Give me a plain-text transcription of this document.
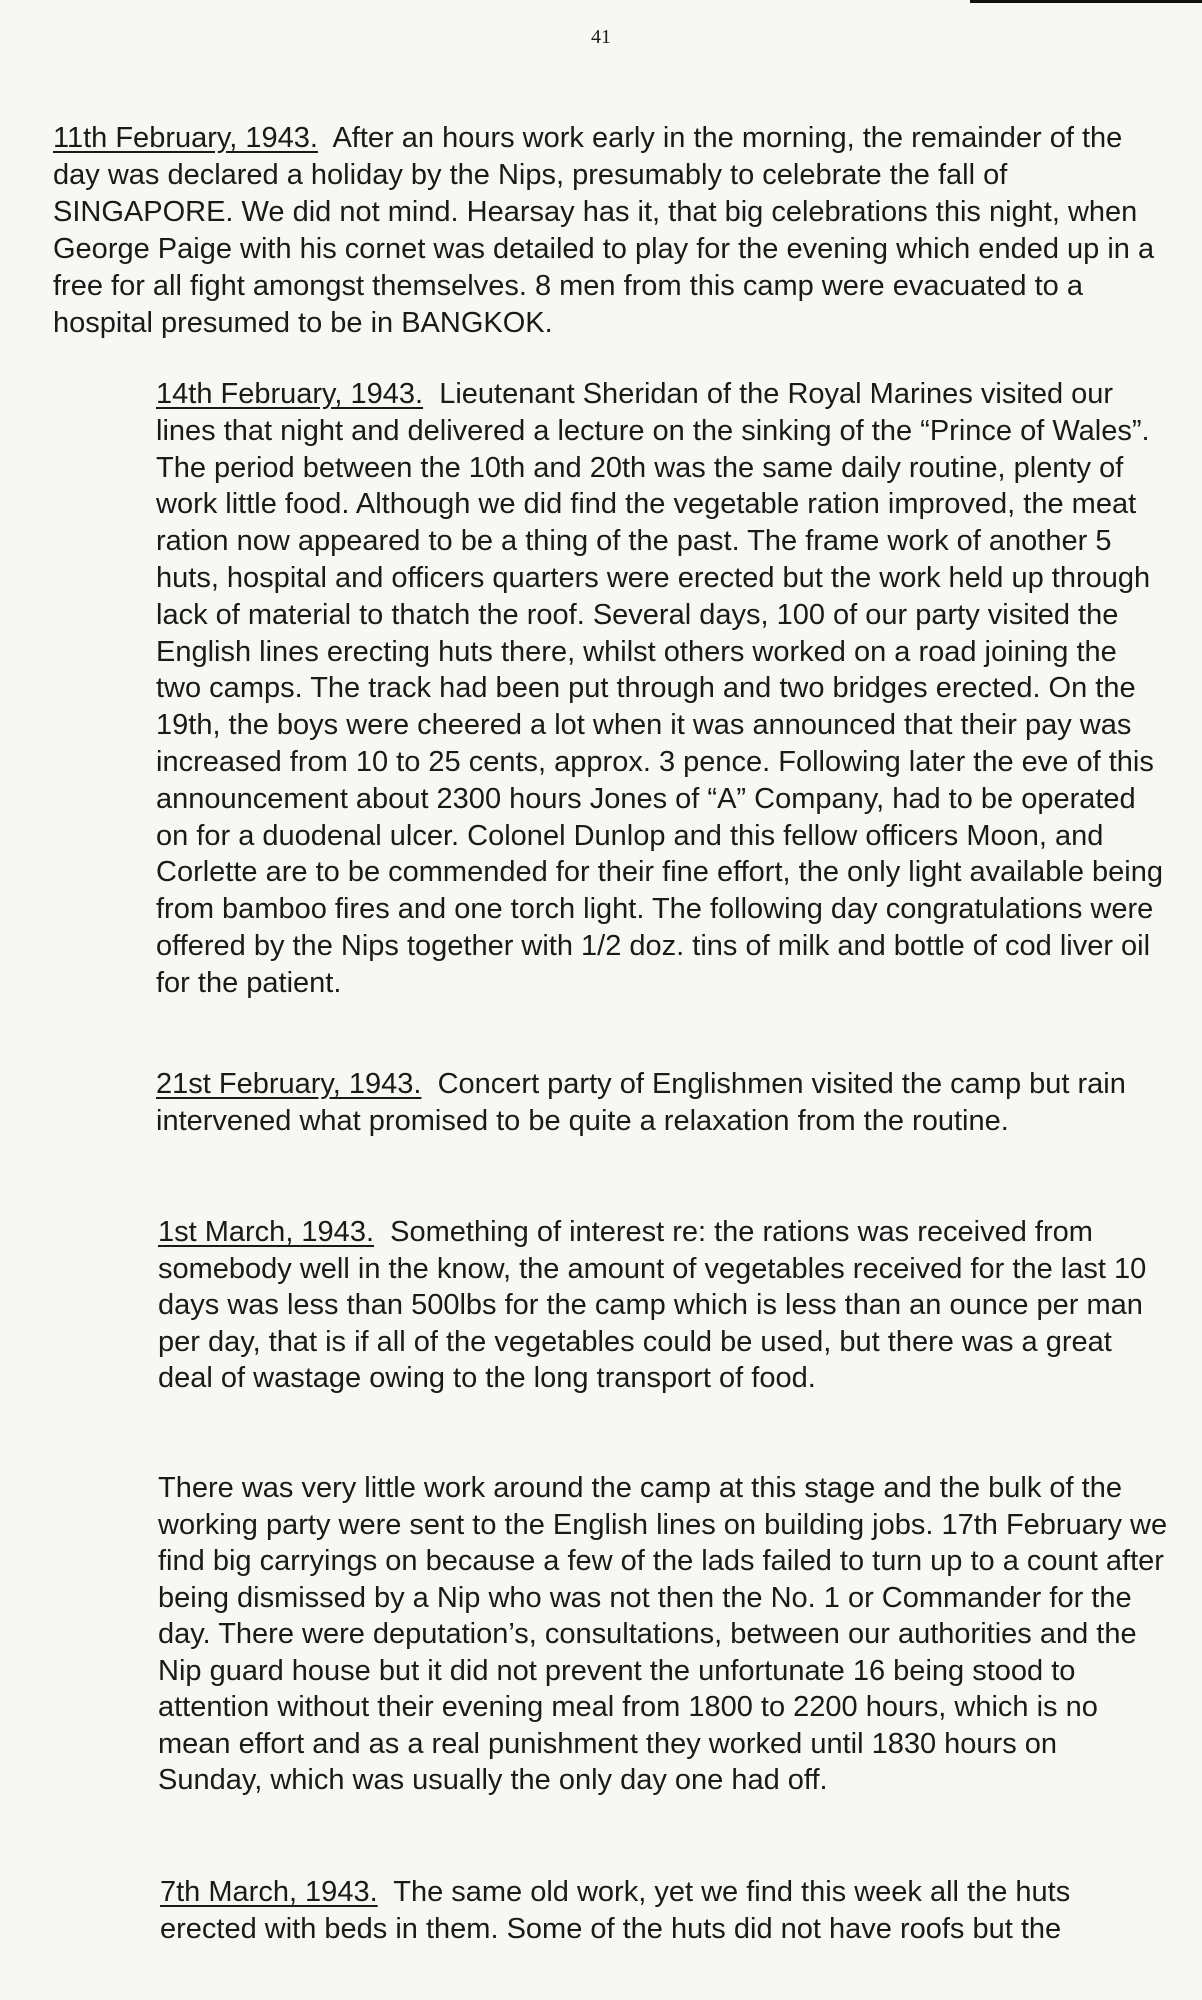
41

11th February, 1943. After an hours work early in the morning, the remainder of the day was declared a holiday by the Nips, presumably to celebrate the fall of SINGAPORE. We did not mind. Hearsay has it, that big celebrations this night, when George Paige with his cornet was detailed to play for the evening which ended up in a free for all fight amongst themselves. 8 men from this camp were evacuated to a hospital presumed to be in BANGKOK.

14th February, 1943. Lieutenant Sheridan of the Royal Marines visited our lines that night and delivered a lecture on the sinking of the “Prince of Wales”. The period between the 10th and 20th was the same daily routine, plenty of work little food. Although we did find the vegetable ration improved, the meat ration now appeared to be a thing of the past. The frame work of another 5 huts, hospital and officers quarters were erected but the work held up through lack of material to thatch the roof. Several days, 100 of our party visited the English lines erecting huts there, whilst others worked on a road joining the two camps. The track had been put through and two bridges erected. On the 19th, the boys were cheered a lot when it was announced that their pay was increased from 10 to 25 cents, approx. 3 pence. Following later the eve of this announcement about 2300 hours Jones of “A” Company, had to be operated on for a duodenal ulcer. Colonel Dunlop and this fellow officers Moon, and Corlette are to be commended for their fine effort, the only light available being from bamboo fires and one torch light. The following day congratulations were offered by the Nips together with 1/2 doz. tins of milk and bottle of cod liver oil for the patient.

21st February, 1943. Concert party of Englishmen visited the camp but rain intervened what promised to be quite a relaxation from the routine.

1st March, 1943. Something of interest re: the rations was received from somebody well in the know, the amount of vegetables received for the last 10 days was less than 500lbs for the camp which is less than an ounce per man per day, that is if all of the vegetables could be used, but there was a great deal of wastage owing to the long transport of food.

There was very little work around the camp at this stage and the bulk of the working party were sent to the English lines on building jobs. 17th February we find big carryings on because a few of the lads failed to turn up to a count after being dismissed by a Nip who was not then the No. 1 or Commander for the day. There were deputation’s, consultations, between our authorities and the Nip guard house but it did not prevent the unfortunate 16 being stood to attention without their evening meal from 1800 to 2200 hours, which is no mean effort and as a real punishment they worked until 1830 hours on Sunday, which was usually the only day one had off.

7th March, 1943. The same old work, yet we find this week all the huts erected with beds in them. Some of the huts did not have roofs but the
